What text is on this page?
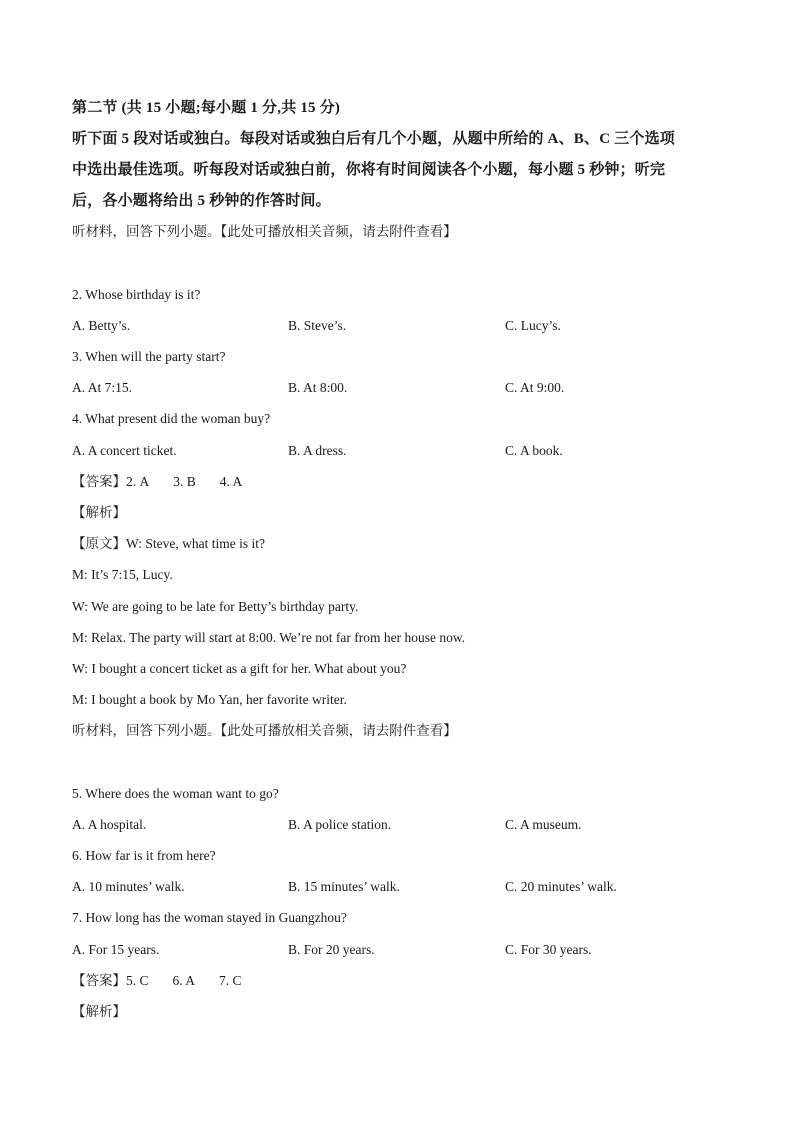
第二节 (共 15 小题;每小题 1 分,共 15 分)
听下面 5 段对话或独白。每段对话或独白后有几个小题，从题中所给的 A、B、C 三个选项
中选出最佳选项。听每段对话或独白前，你将有时间阅读各个小题，每小题 5 秒钟；听完
后，各小题将给出 5 秒钟的作答时间。
听材料，回答下列小题。【此处可播放相关音频，请去附件查看】
2. Whose birthday is it?
A. Betty’s.	B. Steve’s.	C. Lucy’s.
3. When will the party start?
A. At 7:15.	B. At 8:00.	C. At 9:00.
4. What present did the woman buy?
A. A concert ticket.	B. A dress.	C. A book.
【答案】2. A 3. B 4. A
【解析】
【原文】W: Steve, what time is it?
M: It’s 7:15, Lucy.
W: We are going to be late for Betty’s birthday party.
M: Relax. The party will start at 8:00. We’re not far from her house now.
W: I bought a concert ticket as a gift for her. What about you?
M: I bought a book by Mo Yan, her favorite writer.
听材料，回答下列小题。【此处可播放相关音频，请去附件查看】
5. Where does the woman want to go?
A. A hospital.	B. A police station.	C. A museum.
6. How far is it from here?
A. 10 minutes’ walk.	B. 15 minutes’ walk.	C. 20 minutes’ walk.
7. How long has the woman stayed in Guangzhou?
A. For 15 years.	B. For 20 years.	C. For 30 years.
【答案】5. C 6. A 7. C
【解析】
